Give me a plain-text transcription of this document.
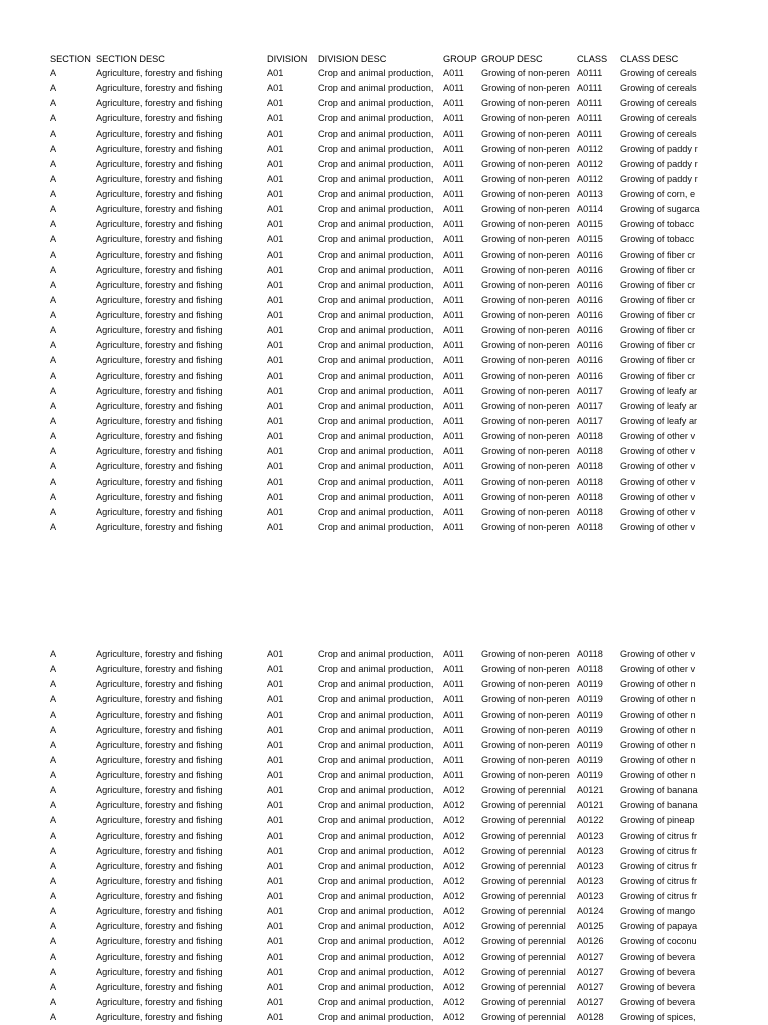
SECTION SECTION DESC	DIVISION	DIVISION DESC	GROUP GROUP DESC	CLASS CLASS DESC
A	Agriculture, forestry and fishing	A01	Crop and animal production,	A011	Growing of non-peren A0111	Growing of cereals
A	Agriculture, forestry and fishing	A01	Crop and animal production,	A011	Growing of non-peren A0111	Growing of cereals
A	Agriculture, forestry and fishing	A01	Crop and animal production,	A011	Growing of non-peren A0111	Growing of cereals
A	Agriculture, forestry and fishing	A01	Crop and animal production,	A011	Growing of non-peren A0111	Growing of cereals
A	Agriculture, forestry and fishing	A01	Crop and animal production,	A011	Growing of non-peren A0111	Growing of cereals
A	Agriculture, forestry and fishing	A01	Crop and animal production,	A011	Growing of non-peren A0112	Growing of paddy r
A	Agriculture, forestry and fishing	A01	Crop and animal production,	A011	Growing of non-peren A0112	Growing of paddy r
A	Agriculture, forestry and fishing	A01	Crop and animal production,	A011	Growing of non-peren A0112	Growing of paddy r
A	Agriculture, forestry and fishing	A01	Crop and animal production,	A011	Growing of non-peren A0113	Growing of corn, e
A	Agriculture, forestry and fishing	A01	Crop and animal production,	A011	Growing of non-peren A0114	Growing of sugarca
A	Agriculture, forestry and fishing	A01	Crop and animal production,	A011	Growing of non-peren A0115	Growing of tobacc
A	Agriculture, forestry and fishing	A01	Crop and animal production,	A011	Growing of non-peren A0115	Growing of tobacc
A	Agriculture, forestry and fishing	A01	Crop and animal production,	A011	Growing of non-peren A0116	Growing of fiber cr
A	Agriculture, forestry and fishing	A01	Crop and animal production,	A011	Growing of non-peren A0116	Growing of fiber cr
A	Agriculture, forestry and fishing	A01	Crop and animal production,	A011	Growing of non-peren A0116	Growing of fiber cr
A	Agriculture, forestry and fishing	A01	Crop and animal production,	A011	Growing of non-peren A0116	Growing of fiber cr
A	Agriculture, forestry and fishing	A01	Crop and animal production,	A011	Growing of non-peren A0116	Growing of fiber cr
A	Agriculture, forestry and fishing	A01	Crop and animal production,	A011	Growing of non-peren A0116	Growing of fiber cr
A	Agriculture, forestry and fishing	A01	Crop and animal production,	A011	Growing of non-peren A0116	Growing of fiber cr
A	Agriculture, forestry and fishing	A01	Crop and animal production,	A011	Growing of non-peren A0116	Growing of fiber cr
A	Agriculture, forestry and fishing	A01	Crop and animal production,	A011	Growing of non-peren A0116	Growing of fiber cr
A	Agriculture, forestry and fishing	A01	Crop and animal production,	A011	Growing of non-peren A0117	Growing of leafy ar
A	Agriculture, forestry and fishing	A01	Crop and animal production,	A011	Growing of non-peren A0117	Growing of leafy ar
A	Agriculture, forestry and fishing	A01	Crop and animal production,	A011	Growing of non-peren A0117	Growing of leafy ar
A	Agriculture, forestry and fishing	A01	Crop and animal production,	A011	Growing of non-peren A0118	Growing of other v
A	Agriculture, forestry and fishing	A01	Crop and animal production,	A011	Growing of non-peren A0118	Growing of other v
A	Agriculture, forestry and fishing	A01	Crop and animal production,	A011	Growing of non-peren A0118	Growing of other v
A	Agriculture, forestry and fishing	A01	Crop and animal production,	A011	Growing of non-peren A0118	Growing of other v
A	Agriculture, forestry and fishing	A01	Crop and animal production,	A011	Growing of non-peren A0118	Growing of other v
A	Agriculture, forestry and fishing	A01	Crop and animal production,	A011	Growing of non-peren A0118	Growing of other v
A	Agriculture, forestry and fishing	A01	Crop and animal production,	A011	Growing of non-peren A0118	Growing of other v
A	Agriculture, forestry and fishing	A01	Crop and animal production,	A011	Growing of non-peren A0118	Growing of other v
A	Agriculture, forestry and fishing	A01	Crop and animal production,	A011	Growing of non-peren A0118	Growing of other v
A	Agriculture, forestry and fishing	A01	Crop and animal production,	A011	Growing of non-peren A0119	Growing of other n
A	Agriculture, forestry and fishing	A01	Crop and animal production,	A011	Growing of non-peren A0119	Growing of other n
A	Agriculture, forestry and fishing	A01	Crop and animal production,	A011	Growing of non-peren A0119	Growing of other n
A	Agriculture, forestry and fishing	A01	Crop and animal production,	A011	Growing of non-peren A0119	Growing of other n
A	Agriculture, forestry and fishing	A01	Crop and animal production,	A011	Growing of non-peren A0119	Growing of other n
A	Agriculture, forestry and fishing	A01	Crop and animal production,	A011	Growing of non-peren A0119	Growing of other n
A	Agriculture, forestry and fishing	A01	Crop and animal production,	A011	Growing of non-peren A0119	Growing of other n
A	Agriculture, forestry and fishing	A01	Crop and animal production,	A012	Growing of perennial	A0121	Growing of banana
A	Agriculture, forestry and fishing	A01	Crop and animal production,	A012	Growing of perennial	A0121	Growing of banana
A	Agriculture, forestry and fishing	A01	Crop and animal production,	A012	Growing of perennial	A0122	Growing of pineap
A	Agriculture, forestry and fishing	A01	Crop and animal production,	A012	Growing of perennial	A0123	Growing of citrus fr
A	Agriculture, forestry and fishing	A01	Crop and animal production,	A012	Growing of perennial	A0123	Growing of citrus fr
A	Agriculture, forestry and fishing	A01	Crop and animal production,	A012	Growing of perennial	A0123	Growing of citrus fr
A	Agriculture, forestry and fishing	A01	Crop and animal production,	A012	Growing of perennial	A0123	Growing of citrus fr
A	Agriculture, forestry and fishing	A01	Crop and animal production,	A012	Growing of perennial	A0123	Growing of citrus fr
A	Agriculture, forestry and fishing	A01	Crop and animal production,	A012	Growing of perennial	A0124	Growing of mango
A	Agriculture, forestry and fishing	A01	Crop and animal production,	A012	Growing of perennial	A0125	Growing of papaya
A	Agriculture, forestry and fishing	A01	Crop and animal production,	A012	Growing of perennial	A0126	Growing of coconu
A	Agriculture, forestry and fishing	A01	Crop and animal production,	A012	Growing of perennial	A0127	Growing of bevera
A	Agriculture, forestry and fishing	A01	Crop and animal production,	A012	Growing of perennial	A0127	Growing of bevera
A	Agriculture, forestry and fishing	A01	Crop and animal production,	A012	Growing of perennial	A0127	Growing of bevera
A	Agriculture, forestry and fishing	A01	Crop and animal production,	A012	Growing of perennial	A0127	Growing of bevera
A	Agriculture, forestry and fishing	A01	Crop and animal production,	A012	Growing of perennial	A0128	Growing of spices,
